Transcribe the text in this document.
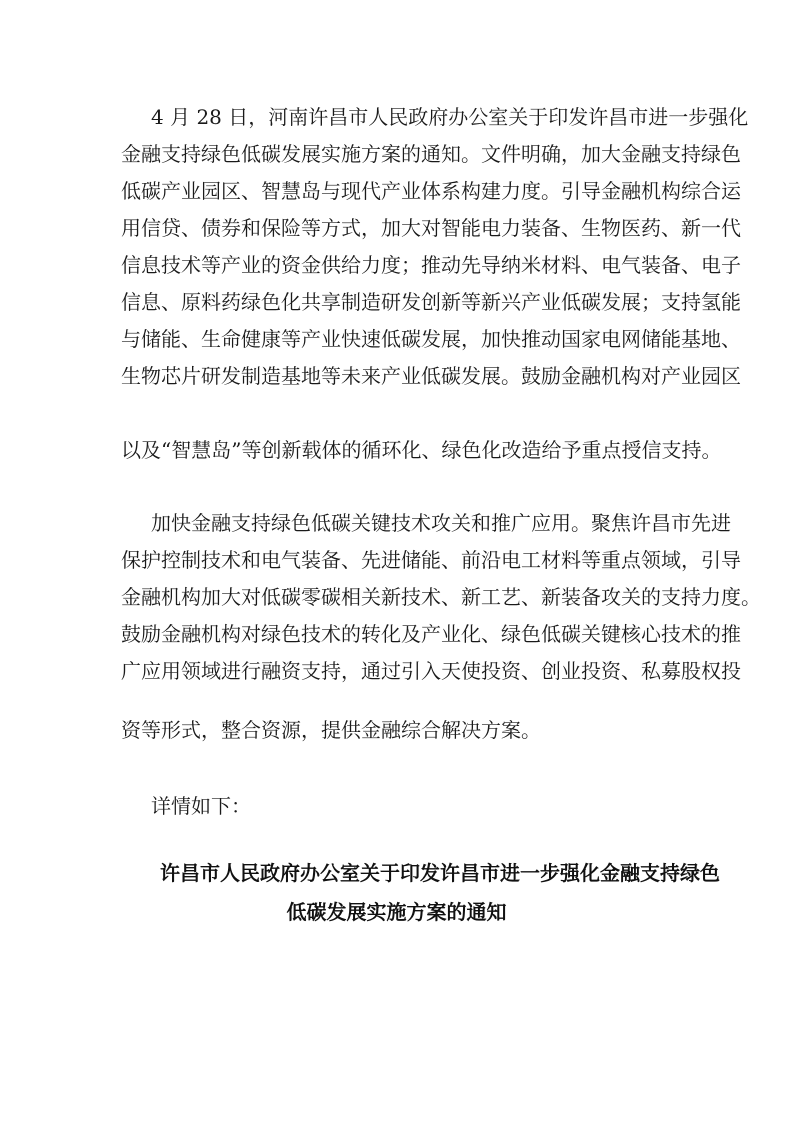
4 月 28 日，河南许昌市人民政府办公室关于印发许昌市进一步强化
金融支持绿色低碳发展实施方案的通知。文件明确，加大金融支持绿色
低碳产业园区、智慧岛与现代产业体系构建力度。引导金融机构综合运
用信贷、债券和保险等方式，加大对智能电力装备、生物医药、新一代
信息技术等产业的资金供给力度；推动先导纳米材料、电气装备、电子
信息、原料药绿色化共享制造研发创新等新兴产业低碳发展；支持氢能
与储能、生命健康等产业快速低碳发展，加快推动国家电网储能基地、
生物芯片研发制造基地等未来产业低碳发展。鼓励金融机构对产业园区
以及“智慧岛”等创新载体的循环化、绿色化改造给予重点授信支持。
加快金融支持绿色低碳关键技术攻关和推广应用。聚焦许昌市先进
保护控制技术和电气装备、先进储能、前沿电工材料等重点领域，引导
金融机构加大对低碳零碳相关新技术、新工艺、新装备攻关的支持力度。
鼓励金融机构对绿色技术的转化及产业化、绿色低碳关键核心技术的推
广应用领域进行融资支持，通过引入天使投资、创业投资、私募股权投
资等形式，整合资源，提供金融综合解决方案。
详情如下：
许昌市人民政府办公室关于印发许昌市进一步强化金融支持绿色
低碳发展实施方案的通知
